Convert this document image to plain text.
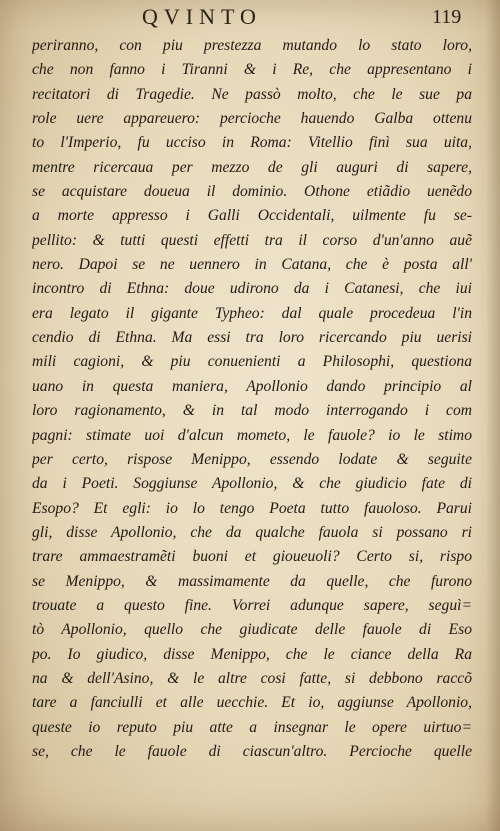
QVINTO	119
periranno, con piu prestezza mutando lo stato loro,
che non fanno i Tiranni & i Re, che appresentano i
recitatori di Tragedie. Ne passò molto, che le sue pa
role uere appareuero: percioche hauendo Galba ottenu
to l'Imperio, fu ucciso in Roma: Vitellio finì sua uita,
mentre ricercaua per mezzo de gli auguri di sapere,
se acquistare doueua il dominio. Othone etiãdio uenẽdo
a morte appresso i Galli Occidentali, uilmente fu se-
pellito: & tutti questi effetti tra il corso d'un'anno auẽ
nero. Dapoi se ne uennero in Catana, che è posta all'
incontro di Ethna: doue udirono da i Catanesi, che iui
era legato il gigante Typheo: dal quale procedeua l'in
cendio di Ethna. Ma essi tra loro ricercando piu uerisi
mili cagioni, & piu conuenienti a Philosophi, questiona
uano in questa maniera, Apollonio dando principio al
loro ragionamento, & in tal modo interrogando i com
pagni: stimate uoi d'alcun mometo, le fauole? io le stimo
per certo, rispose Menippo, essendo lodate & seguite
da i Poeti. Soggiunse Apollonio, & che giudicio fate di
Esopo? Et egli: io lo tengo Poeta tutto fauoloso. Parui
gli, disse Apollonio, che da qualche fauola si possano ri
trare ammaestramẽti buoni et gioueuoli? Certo si, rispo
se Menippo, & massimamente da quelle, che furono
trouate a questo fine. Vorrei adunque sapere, seguì=
tò Apollonio, quello che giudicate delle fauole di Eso
po. Io giudico, disse Menippo, che le ciance della Ra
na & dell'Asino, & le altre cosi fatte, si debbono raccõ
tare a fanciulli et alle uecchie. Et io, aggiunse Apollonio,
queste io reputo piu atte a insegnar le opere uirtuo=
se, che le fauole di ciascun'altro. Percioche quelle
